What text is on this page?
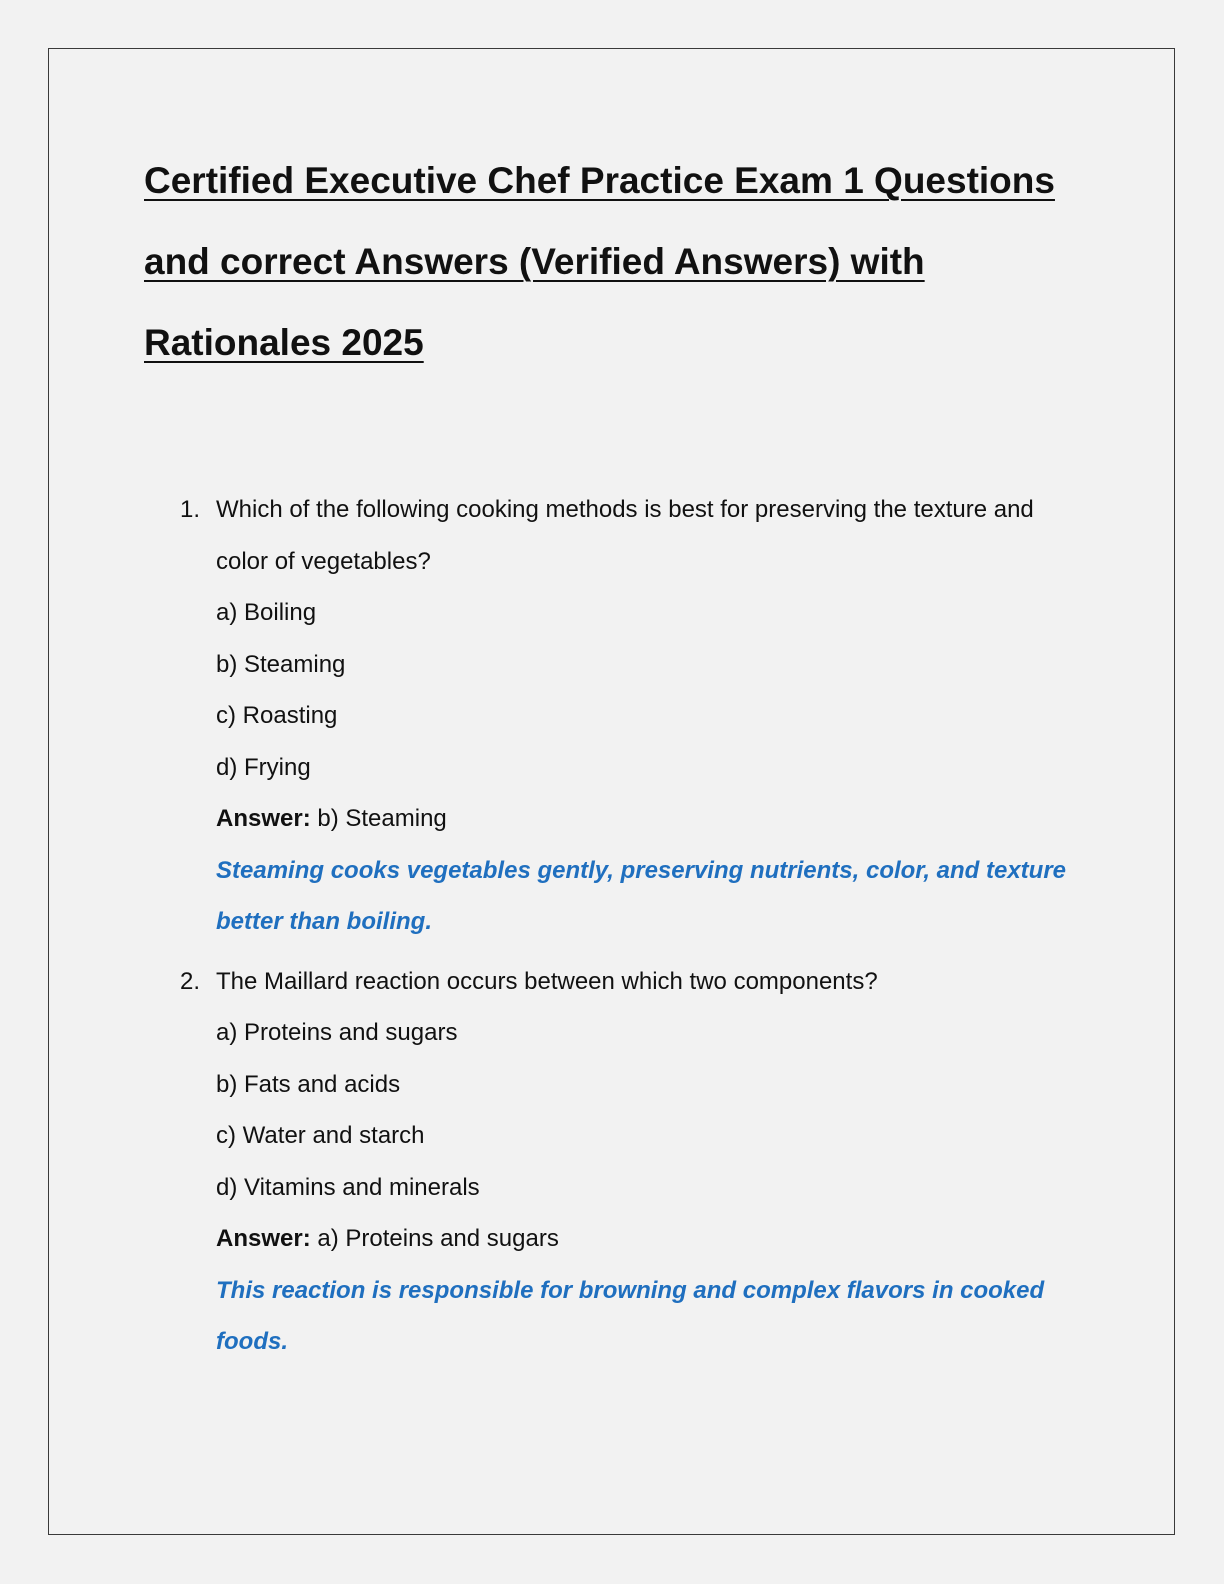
Certified Executive Chef Practice Exam 1 Questions and correct Answers (Verified Answers) with Rationales 2025
1. Which of the following cooking methods is best for preserving the texture and color of vegetables?

a) Boiling

b) Steaming

c) Roasting

d) Frying

Answer: b) Steaming

Steaming cooks vegetables gently, preserving nutrients, color, and texture better than boiling.

2. The Maillard reaction occurs between which two components?

a) Proteins and sugars

b) Fats and acids

c) Water and starch

d) Vitamins and minerals

Answer: a) Proteins and sugars

This reaction is responsible for browning and complex flavors in cooked foods.
